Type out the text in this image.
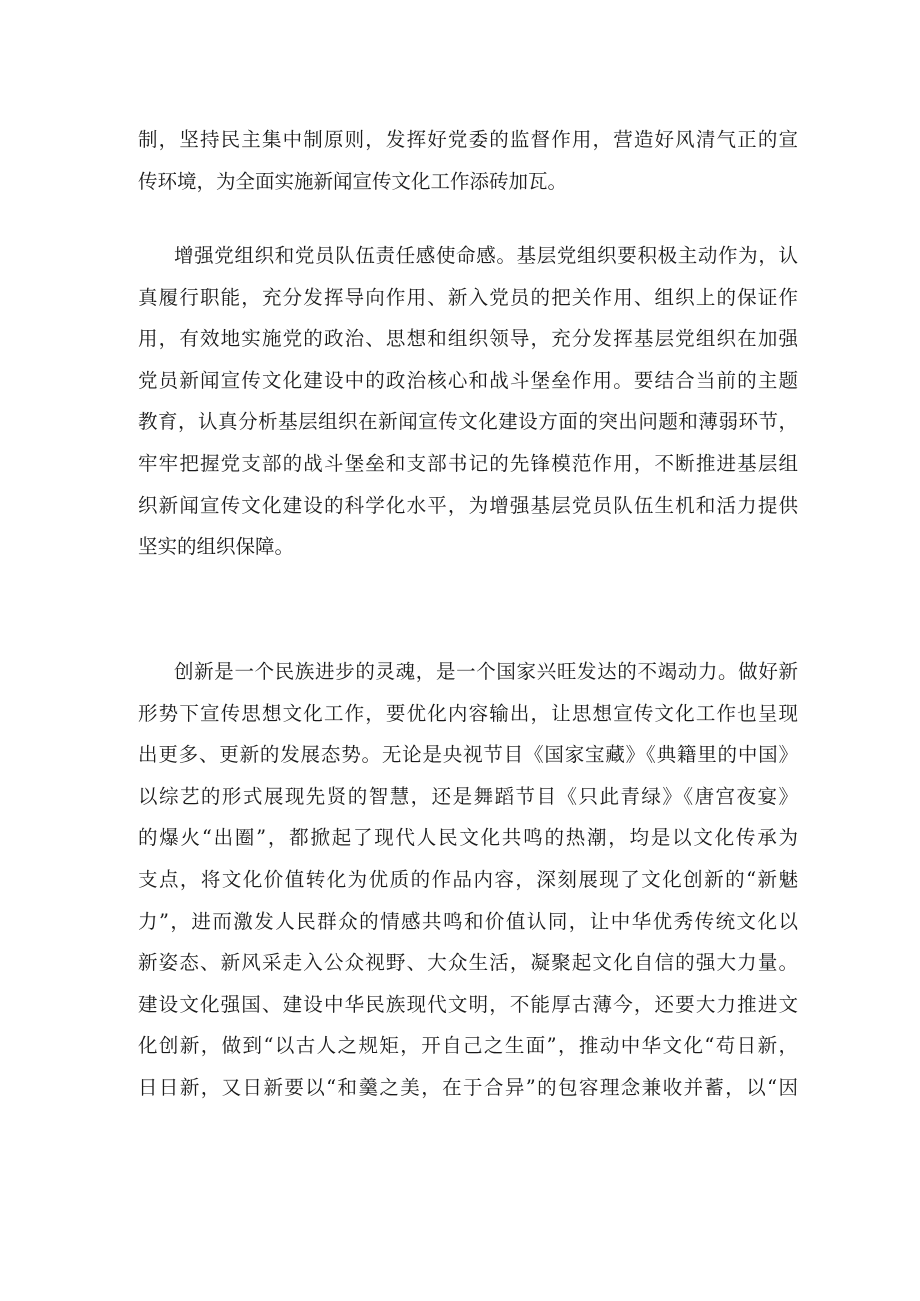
制，坚持民主集中制原则，发挥好党委的监督作用，营造好风清气正的宣
传环境，为全面实施新闻宣传文化工作添砖加瓦。
增强党组织和党员队伍责任感使命感。基层党组织要积极主动作为，认
真履行职能，充分发挥导向作用、新入党员的把关作用、组织上的保证作
用，有效地实施党的政治、思想和组织领导，充分发挥基层党组织在加强
党员新闻宣传文化建设中的政治核心和战斗堡垒作用。要结合当前的主题
教育，认真分析基层组织在新闻宣传文化建设方面的突出问题和薄弱环节，
牢牢把握党支部的战斗堡垒和支部书记的先锋模范作用，不断推进基层组
织新闻宣传文化建设的科学化水平，为增强基层党员队伍生机和活力提供
坚实的组织保障。
创新是一个民族进步的灵魂，是一个国家兴旺发达的不竭动力。做好新
形势下宣传思想文化工作，要优化内容输出，让思想宣传文化工作也呈现
出更多、更新的发展态势。无论是央视节目《国家宝藏》《典籍里的中国》
以综艺的形式展现先贤的智慧，还是舞蹈节目《只此青绿》《唐宫夜宴》
的爆火“出圈”，都掀起了现代人民文化共鸣的热潮，均是以文化传承为
支点，将文化价值转化为优质的作品内容，深刻展现了文化创新的“新魅
力”，进而激发人民群众的情感共鸣和价值认同，让中华优秀传统文化以
新姿态、新风采走入公众视野、大众生活，凝聚起文化自信的强大力量。
建设文化强国、建设中华民族现代文明，不能厚古薄今，还要大力推进文
化创新，做到“以古人之规矩，开自己之生面”，推动中华文化“苟日新，
日日新，又日新要以“和羹之美，在于合异”的包容理念兼收并蓄，以“因
